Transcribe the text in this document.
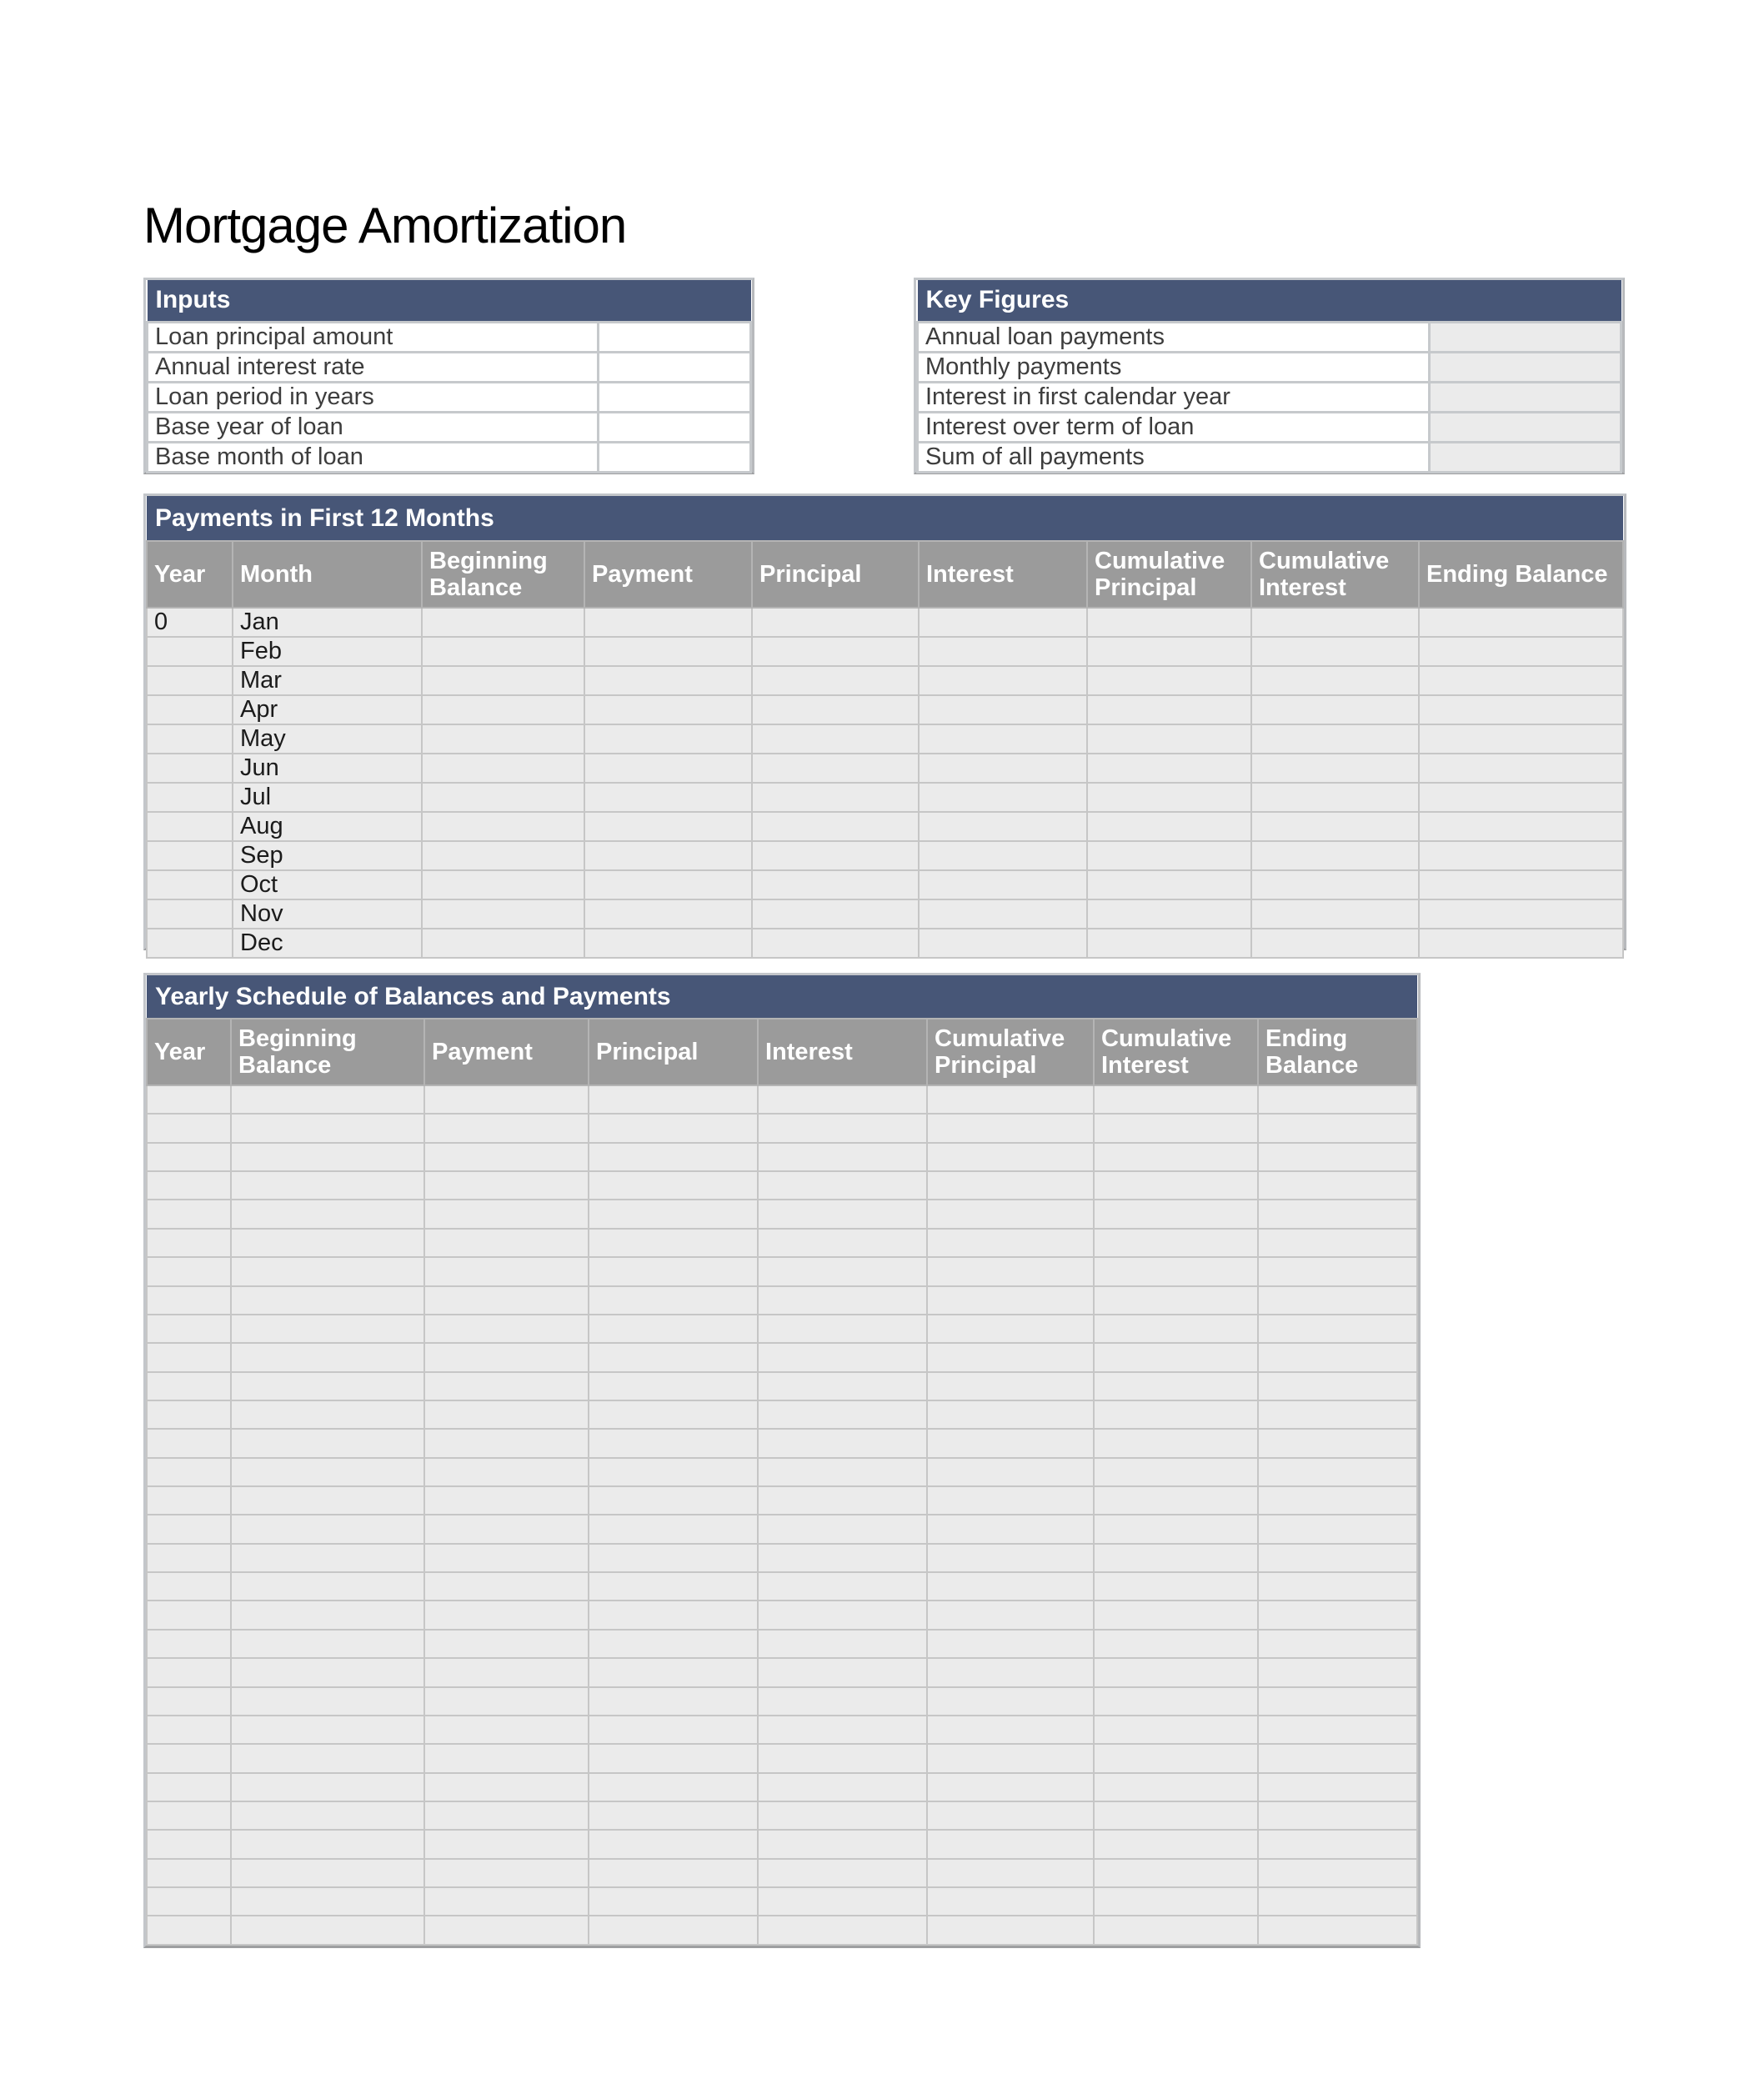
Mortgage Amortization
Inputs	
Loan principal amount	
Annual interest rate	
Loan period in years	
Base year of loan	
Base month of loan	
Key Figures	
Annual loan payments	
Monthly payments	
Interest in first calendar year	
Interest over term of loan	
Sum of all payments	
Payments in First 12 Months								
Year	Month	Beginning Balance	Payment	Principal	Interest	Cumulative Principal	Cumulative Interest	Ending Balance
0	Jan							
	Feb							
	Mar							
	Apr							
	May							
	Jun							
	Jul							
	Aug							
	Sep							
	Oct							
	Nov							
	Dec							
Yearly Schedule of Balances and Payments							
Year	Beginning Balance	Payment	Principal	Interest	Cumulative Principal	Cumulative Interest	Ending Balance
